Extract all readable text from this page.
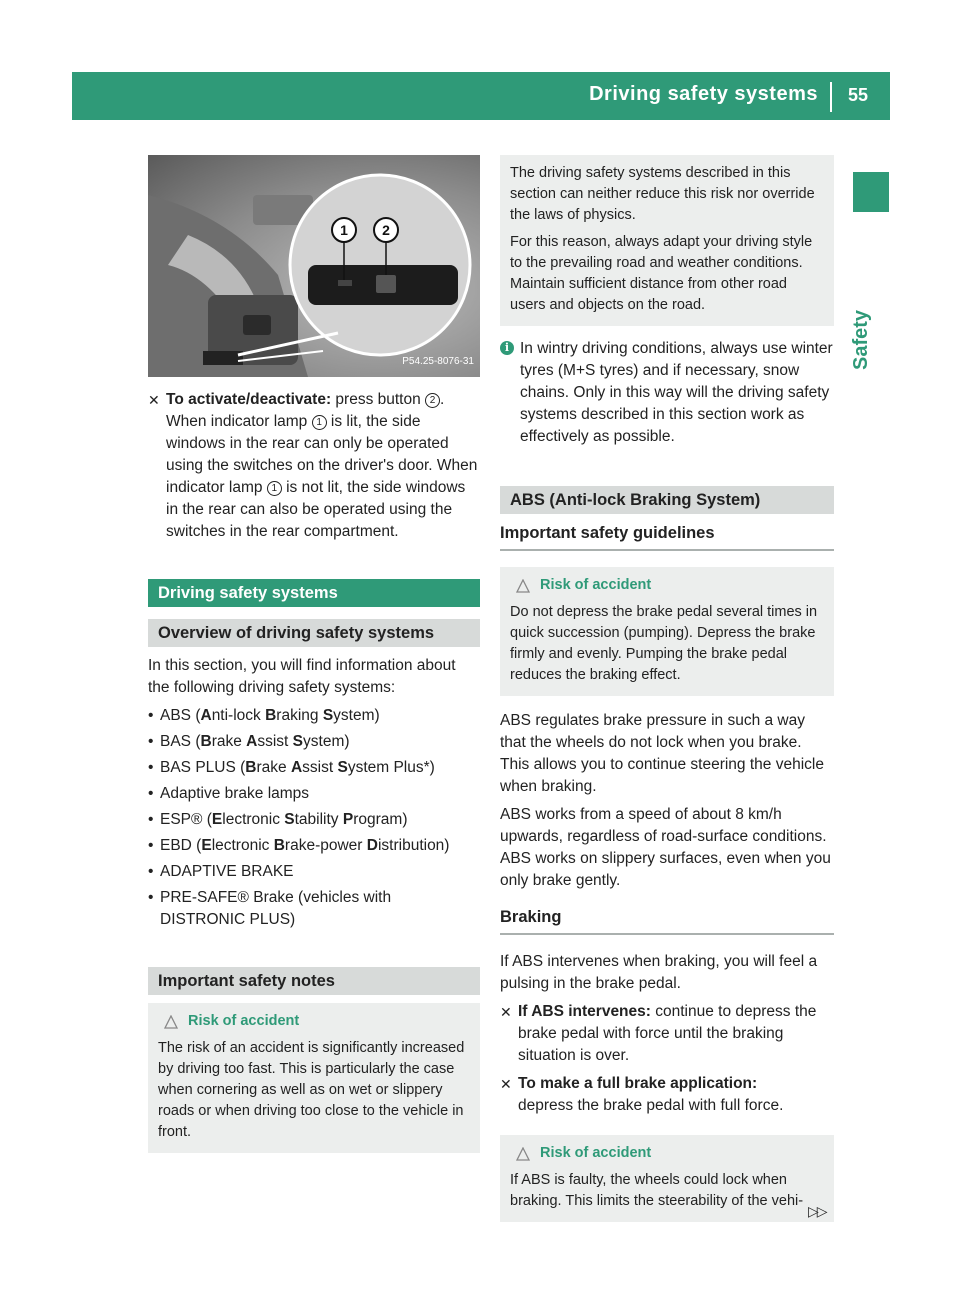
Driving safety systems 55
Safety
1 2
P54.25-8076-31
✕ To activate/deactivate: press button 2 . When indicator lamp 1 is lit, the side windows in the rear can only be operated using the switches on the driver's door. When indicator lamp 1 is not lit, the side windows in the rear can also be operated using the switches in the rear compartment.
Driving safety systems
Overview of driving safety systems

In this section, you will find information about the following driving safety systems:

• ABS (Anti-lock Braking System)
• BAS (Brake Assist System)
• BAS PLUS (Brake Assist System Plus*)
• Adaptive brake lamps
• ESP® (Electronic Stability Program)
• EBD (Electronic Brake-power Distribution)
• ADAPTIVE BRAKE
• PRE-SAFE® Brake (vehicles with DISTRONIC PLUS)
Important safety notes
Risk of accident
The risk of an accident is significantly increased by driving too fast. This is particularly the case when cornering as well as on wet or slippery roads or when driving too close to the vehicle in front.

The driving safety systems described in this section can neither reduce this risk nor override the laws of physics.

For this reason, always adapt your driving style to the prevailing road and weather conditions. Maintain sufficient distance from other road users and objects on the road.

i In wintry driving conditions, always use winter tyres (M+S tyres) and if necessary, snow chains. Only in this way will the driving safety systems described in this section work as effectively as possible.
ABS (Anti-lock Braking System)
Important safety guidelines
Risk of accident
Do not depress the brake pedal several times in quick succession (pumping). Depress the brake firmly and evenly. Pumping the brake pedal reduces the braking effect.

ABS regulates brake pressure in such a way that the wheels do not lock when you brake. This allows you to continue steering the vehicle when braking.

ABS works from a speed of about 8 km/h upwards, regardless of road-surface conditions. ABS works on slippery surfaces, even when you only brake gently.

Braking

If ABS intervenes when braking, you will feel a pulsing in the brake pedal.

✕ If ABS intervenes: continue to depress the brake pedal with force until the braking situation is over.
✕ To make a full brake application:
depress the brake pedal with full force.
Risk of accident
If ABS is faulty, the wheels could lock when braking. This limits the steerability of the vehi-
▷▷
